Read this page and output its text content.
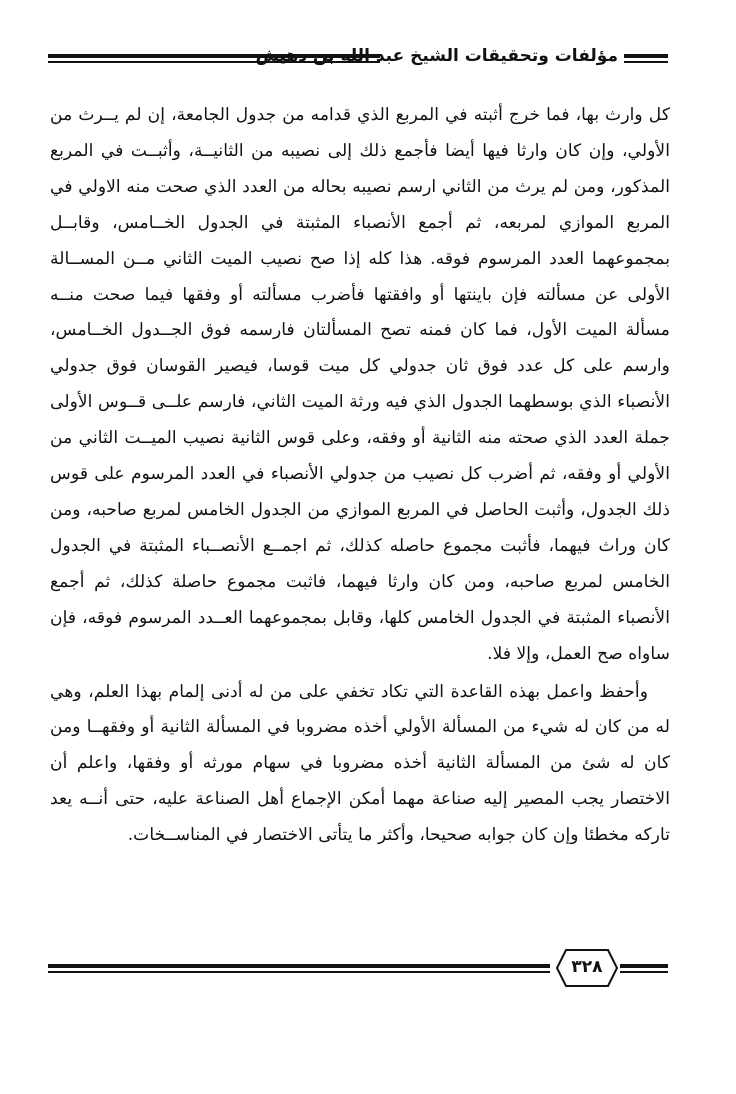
مؤلفات وتحقيقات الشيخ عبد الله بن دهيش

كل وارث بها، فما خرج أثبته في المربع الذي قدامه من جدول الجامعة، إن لم يــرث من الأولي، وإن كان وارثا فيها أيضا فأجمع ذلك إلى نصيبه من الثانيــة، وأثبــت في المربع المذكور، ومن لم يرث من الثاني ارسم نصيبه بحاله من العدد الذي صحت منه الاولي في المربع الموازي لمربعه، ثم أجمع الأنصباء المثبتة في الجدول الخــامس، وقابــل بمجموعهما العدد المرسوم فوقه. هذا كله إذا صح نصيب الميت الثاني مــن المســالة الأولى عن مسألته فإن باينتها أو وافقتها فأضرب مسألته أو وفقها فيما صحت منــه مسألة الميت الأول، فما كان فمنه تصح المسألتان فارسمه فوق الجــدول الخــامس، وارسم على كل عدد فوق ثان جدولي كل ميت قوسا، فيصير القوسان فوق جدولي الأنصباء الذي بوسطهما الجدول الذي فيه ورثة الميت الثاني، فارسم علــى قــوس الأولى جملة العدد الذي صحته منه الثانية أو وفقه، وعلى قوس الثانية نصيب الميــت الثاني من الأولي أو وفقه، ثم أضرب كل نصيب من جدولي الأنصباء في العدد المرسوم على قوس ذلك الجدول، وأثبت الحاصل في المربع الموازي من الجدول الخامس لمربع صاحبه، ومن كان وراث فيهما، فأثبت مجموع حاصله كذلك، ثم اجمــع الأنصــباء المثبتة في الجدول الخامس لمربع صاحبه، ومن كان وارثا فيهما، فاثبت مجموع حاصلة كذلك، ثم أجمع الأنصباء المثبتة في الجدول الخامس كلها، وقابل بمجموعهما العــدد المرسوم فوقه، فإن ساواه صح العمل، وإلا فلا.

وأحفظ واعمل بهذه القاعدة التي تكاد تخفي على من له أدنى إلمام بهذا العلم، وهي له من كان له شيء من المسألة الأولي أخذه مضروبا في المسألة الثانية أو وفقهــا ومن كان له شئ من المسألة الثانية أخذه مضروبا في سهام مورثه أو وفقها، واعلم أن الاختصار يجب المصير إليه صناعة مهما أمكن الإجماع أهل الصناعة عليه، حتى أنــه يعد تاركه مخطئا وإن كان جوابه صحيحا، وأكثر ما يتأتى الاختصار في المناســخات.

٣٢٨
